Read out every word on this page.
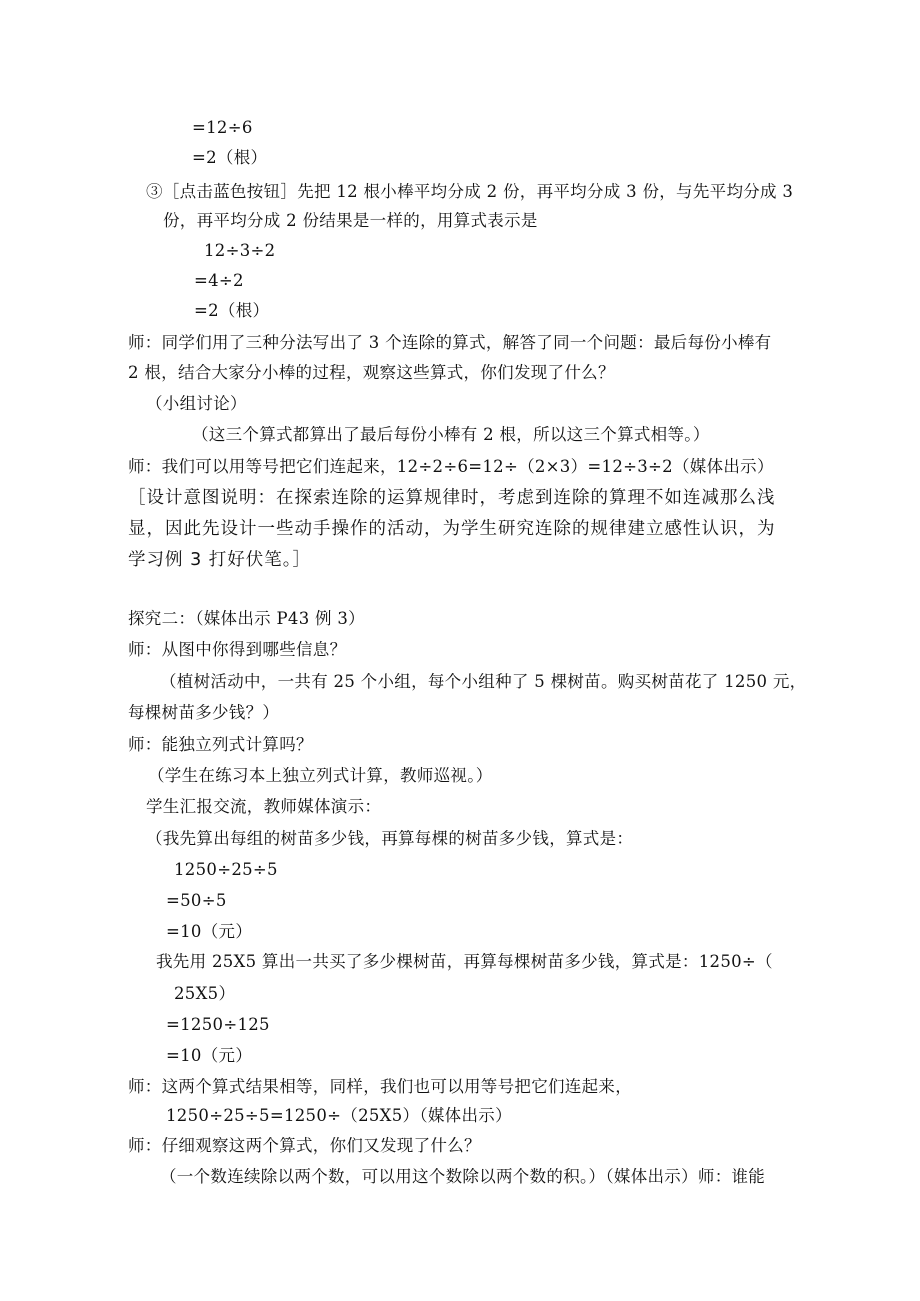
=12÷6
=2（根）
③［点击蓝色按钮］先把 12 根小棒平均分成 2 份，再平均分成 3 份，与先平均分成 3
份，再平均分成 2 份结果是一样的，用算式表示是
12÷3÷2
=4÷2
=2（根）
师：同学们用了三种分法写出了 3 个连除的算式，解答了同一个问题：最后每份小棒有
2 根，结合大家分小棒的过程，观察这些算式，你们发现了什么？
（小组讨论）
（这三个算式都算出了最后每份小棒有 2 根，所以这三个算式相等。）
师：我们可以用等号把它们连起来，12÷2÷6=12÷（2×3）=12÷3÷2（媒体出示）
［设计意图说明：在探索连除的运算规律时，考虑到连除的算理不如连减那么浅
显，因此先设计一些动手操作的活动，为学生研究连除的规律建立感性认识，为
学习例 3 打好伏笔。］
探究二：（媒体出示 P43 例 3）
师：从图中你得到哪些信息？
（植树活动中，一共有 25 个小组，每个小组种了 5 棵树苗。购买树苗花了 1250 元，
每棵树苗多少钱？）
师：能独立列式计算吗？
（学生在练习本上独立列式计算，教师巡视。）
学生汇报交流，教师媒体演示：
（我先算出每组的树苗多少钱，再算每棵的树苗多少钱，算式是：
1250÷25÷5
=50÷5
=10（元）
我先用 25X5 算出一共买了多少棵树苗，再算每棵树苗多少钱，算式是：1250÷（
25X5）
=1250÷125
=10（元）
师：这两个算式结果相等，同样，我们也可以用等号把它们连起来，
1250÷25÷5=1250÷（25X5）（媒体出示）
师：仔细观察这两个算式，你们又发现了什么？
（一个数连续除以两个数，可以用这个数除以两个数的积。）（媒体出示）师：谁能
